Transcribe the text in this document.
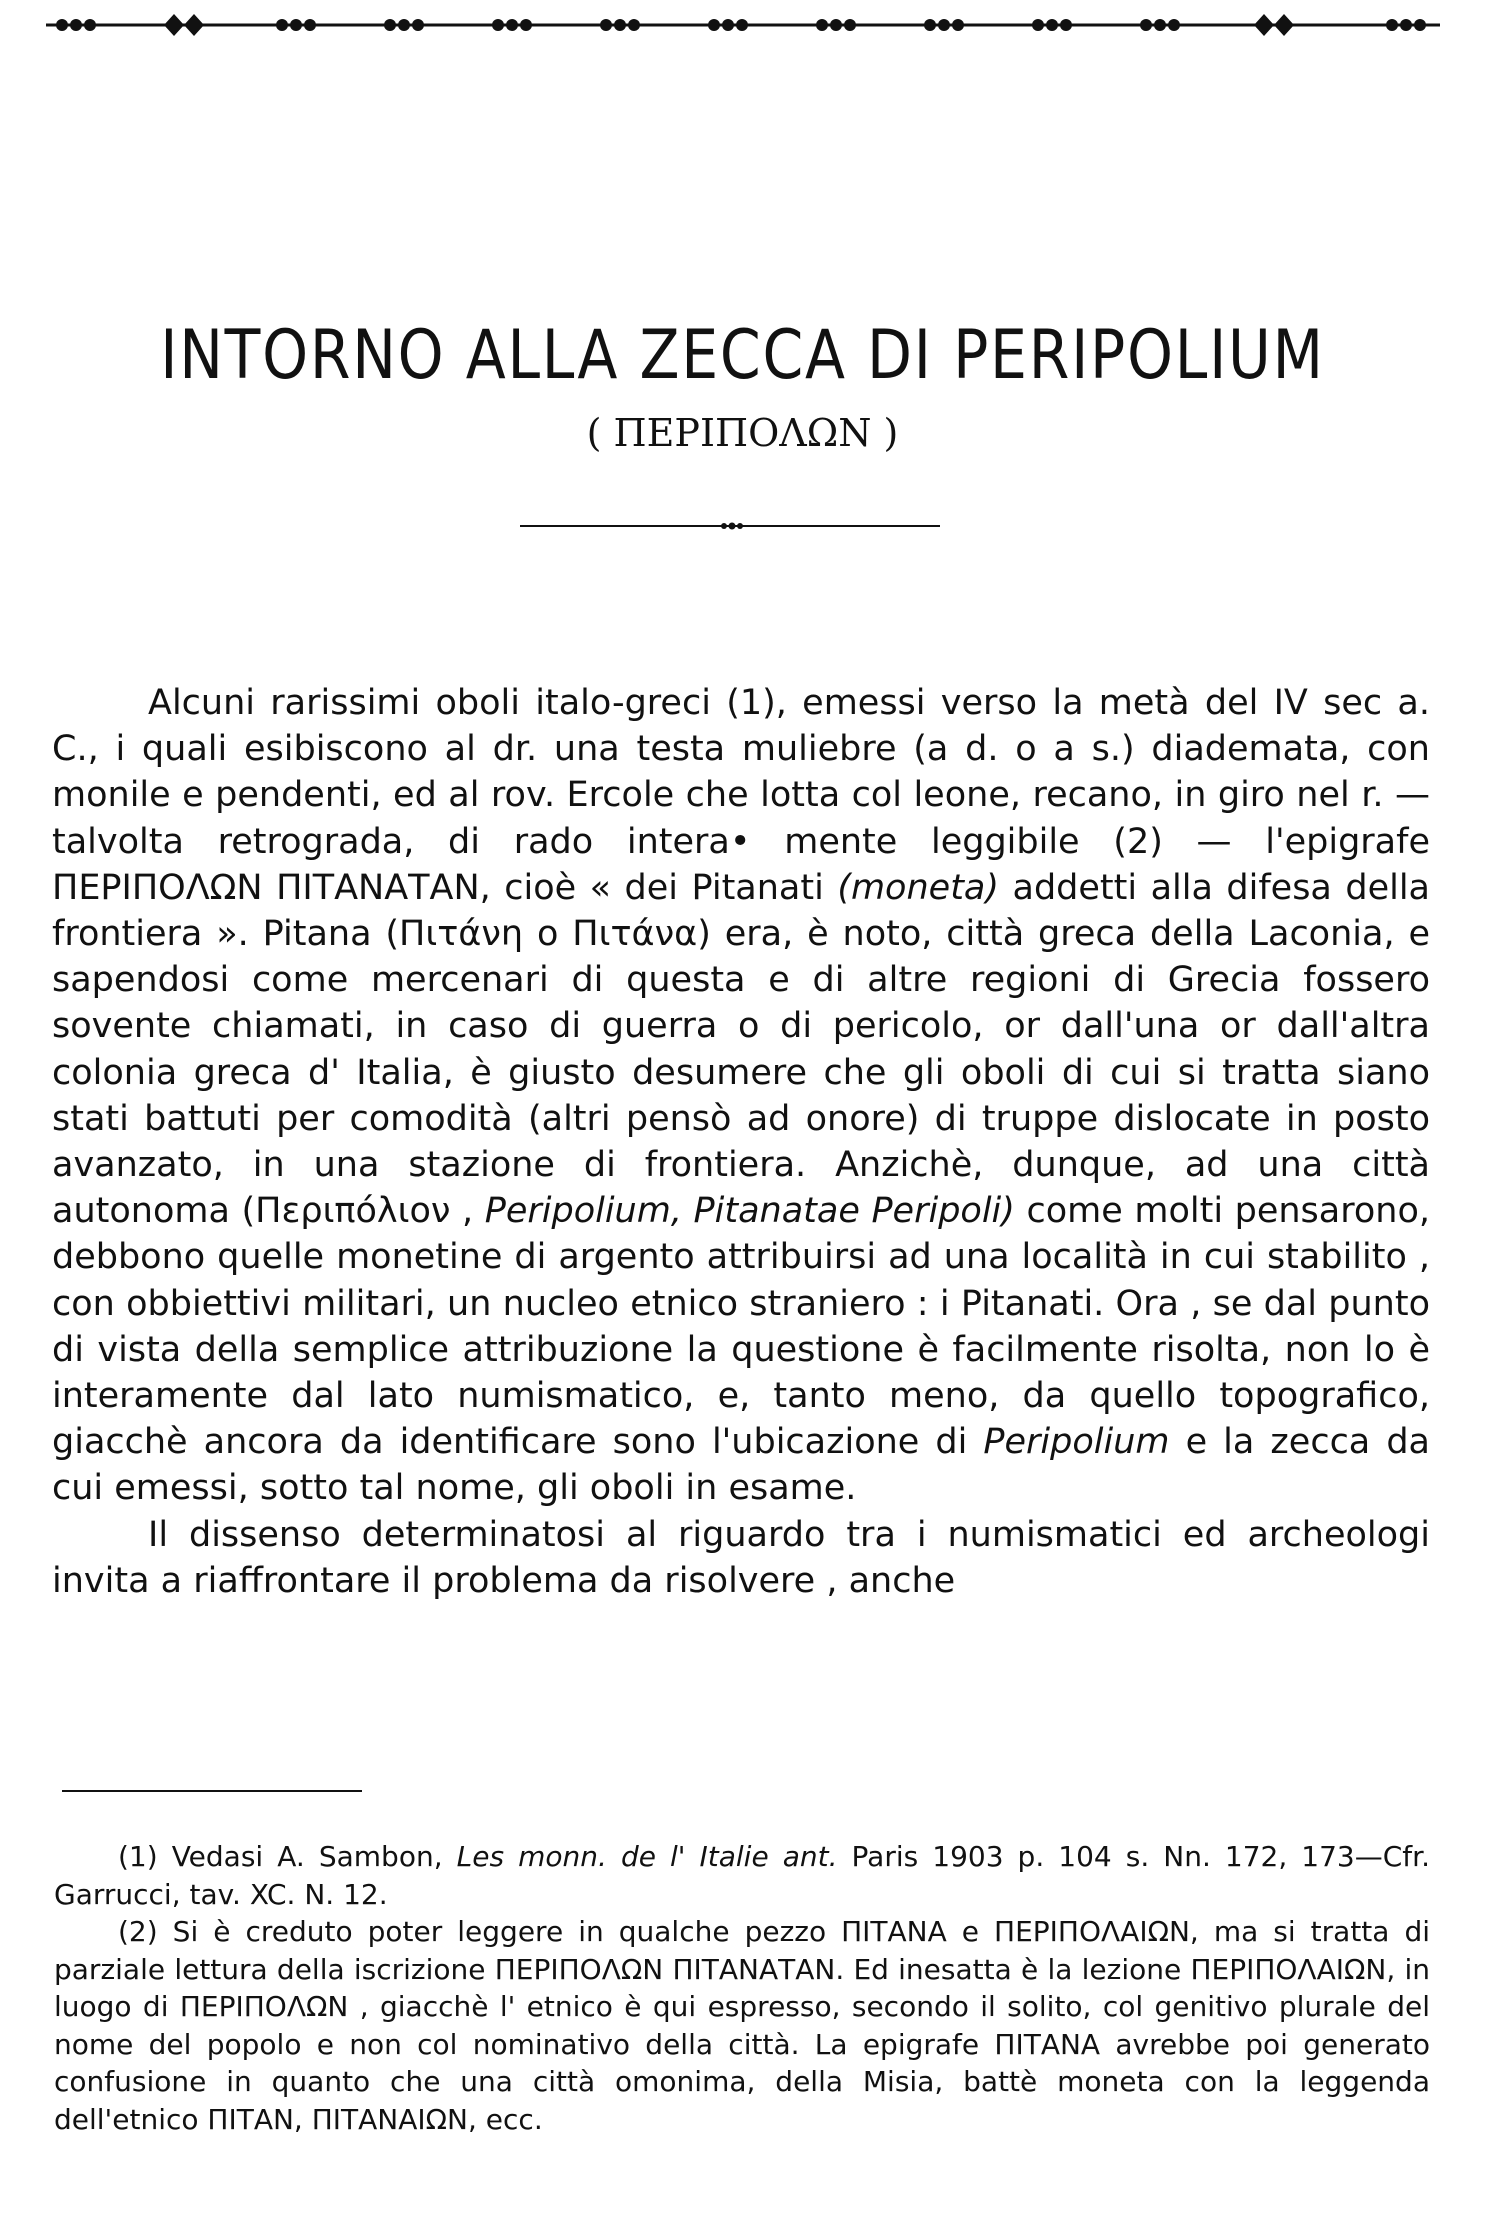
INTORNO ALLA ZECCA DI PERIPOLIUM

( ΠΕΡΙΠΟΛΩΝ )

Alcuni rarissimi oboli italo-greci (1), emessi verso la metà del IV sec a. C., i quali esibiscono al dr. una testa muliebre (a d. o a s.) diademata, con monile e pendenti, ed al rov. Ercole che lotta col leone, recano, in giro nel r. — talvolta retrograda, di rado intera• mente leggibile (2) — l'epigrafe ΠΕΡΙΠΟΛΩΝ ΠΙΤΑΝΑΤΑΝ, cioè « dei Pitanati (moneta) addetti alla difesa della frontiera ». Pitana (Πιτάνη o Πιτάνα) era, è noto, città greca della Laconia, e sapendosi come mercenari di questa e di altre regioni di Grecia fossero sovente chiamati, in caso di guerra o di pericolo, or dall'una or dall'altra colonia greca d' Italia, è giusto desumere che gli oboli di cui si tratta siano stati battuti per comodità (altri pensò ad onore) di truppe dislocate in posto avanzato, in una stazione di frontiera. Anzichè, dunque, ad una città autonoma (Περιπόλιον , Peripolium, Pitanatae Peripoli) come molti pensarono, debbono quelle monetine di argento attribuirsi ad una località in cui stabilito , con obbiettivi militari, un nucleo etnico straniero : i Pitanati. Ora , se dal punto di vista della semplice attribuzione la questione è facilmente risolta, non lo è interamente dal lato numismatico, e, tanto meno, da quello topografico, giacchè ancora da identificare sono l'ubicazione di Peripolium e la zecca da cui emessi, sotto tal nome, gli oboli in esame.

Il dissenso determinatosi al riguardo tra i numismatici ed archeologi invita a riaffrontare il problema da risolvere , anche

(1) Vedasi A. Sambon, Les monn. de l' Italie ant. Paris 1903 p. 104 s. Nn. 172, 173—Cfr. Garrucci, tav. XC. N. 12.

(2) Si è creduto poter leggere in qualche pezzo ΠΙΤΑΝΑ e ΠΕΡΙΠΟΛΑΙΩΝ, ma si tratta di parziale lettura della iscrizione ΠΕΡΙΠΟΛΩΝ ΠΙΤΑΝΑΤΑΝ. Ed inesatta è la lezione ΠΕΡΙΠΟΛΑΙΩΝ, in luogo di ΠΕΡΙΠΟΛΩΝ , giacchè l' etnico è qui espresso, secondo il solito, col genitivo plurale del nome del popolo e non col nominativo della città. La epigrafe ΠΙΤΑΝΑ avrebbe poi generato confusione in quanto che una città omonima, della Misia, battè moneta con la leggenda dell'etnico ΠΙΤΑΝ, ΠΙΤΑΝΑΙΩΝ, ecc.
